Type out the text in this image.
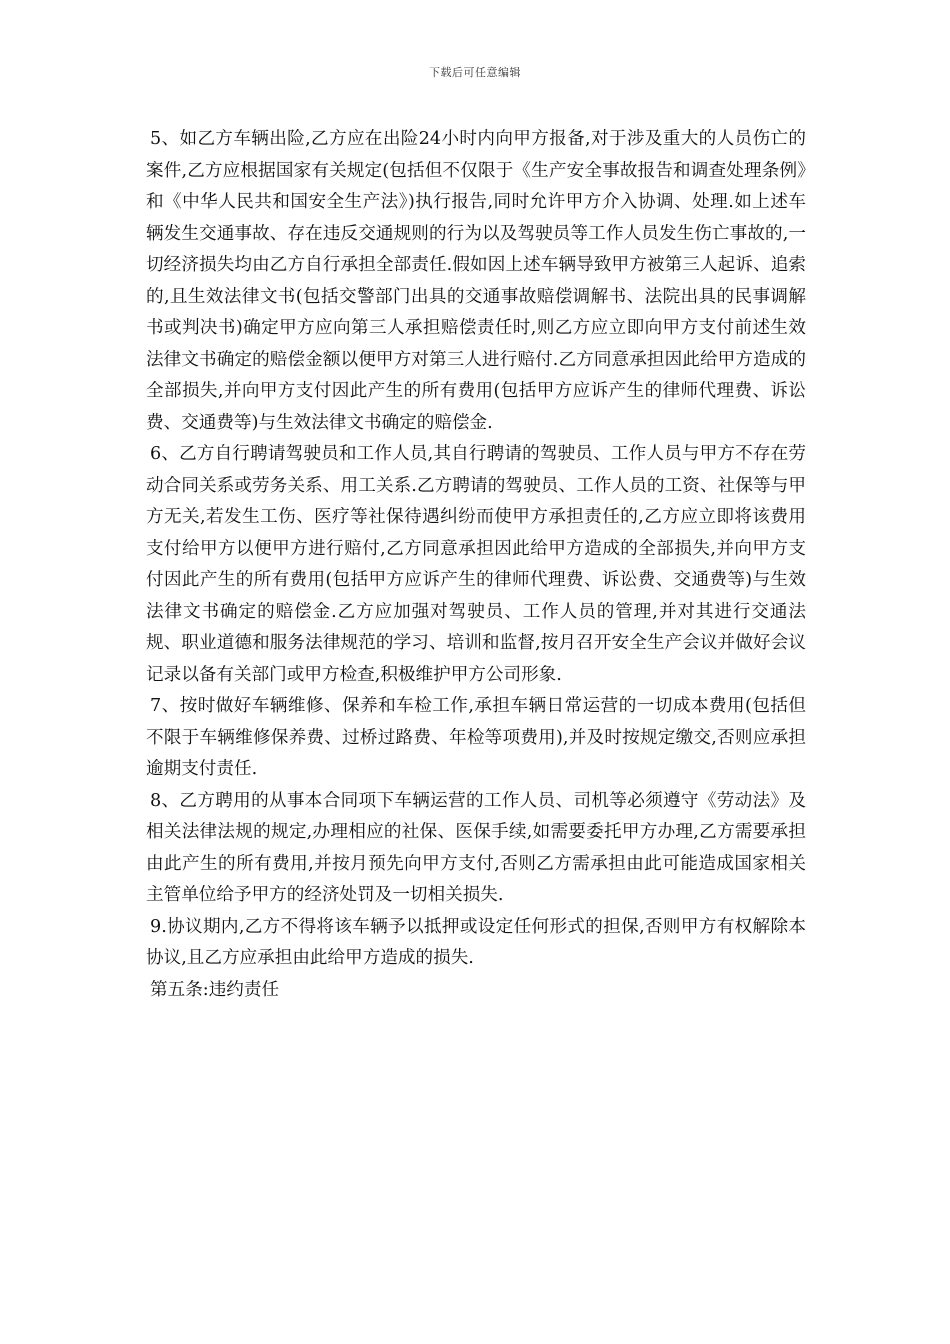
下载后可任意编辑

5、如乙方车辆出险,乙方应在出险24小时内向甲方报备,对于涉及重大的人员伤亡的案件,乙方应根据国家有关规定(包括但不仅限于《生产安全事故报告和调查处理条例》和《中华人民共和国安全生产法》)执行报告,同时允许甲方介入协调、处理.如上述车辆发生交通事故、存在违反交通规则的行为以及驾驶员等工作人员发生伤亡事故的,一切经济损失均由乙方自行承担全部责任.假如因上述车辆导致甲方被第三人起诉、追索的,且生效法律文书(包括交警部门出具的交通事故赔偿调解书、法院出具的民事调解书或判决书)确定甲方应向第三人承担赔偿责任时,则乙方应立即向甲方支付前述生效法律文书确定的赔偿金额以便甲方对第三人进行赔付.乙方同意承担因此给甲方造成的全部损失,并向甲方支付因此产生的所有费用(包括甲方应诉产生的律师代理费、诉讼费、交通费等)与生效法律文书确定的赔偿金.

6、乙方自行聘请驾驶员和工作人员,其自行聘请的驾驶员、工作人员与甲方不存在劳动合同关系或劳务关系、用工关系.乙方聘请的驾驶员、工作人员的工资、社保等与甲方无关,若发生工伤、医疗等社保待遇纠纷而使甲方承担责任的,乙方应立即将该费用支付给甲方以便甲方进行赔付,乙方同意承担因此给甲方造成的全部损失,并向甲方支付因此产生的所有费用(包括甲方应诉产生的律师代理费、诉讼费、交通费等)与生效法律文书确定的赔偿金.乙方应加强对驾驶员、工作人员的管理,并对其进行交通法规、职业道德和服务法律规范的学习、培训和监督,按月召开安全生产会议并做好会议记录以备有关部门或甲方检查,积极维护甲方公司形象.

7、按时做好车辆维修、保养和车检工作,承担车辆日常运营的一切成本费用(包括但不限于车辆维修保养费、过桥过路费、年检等项费用),并及时按规定缴交,否则应承担逾期支付责任.

8、乙方聘用的从事本合同项下车辆运营的工作人员、司机等必须遵守《劳动法》及相关法律法规的规定,办理相应的社保、医保手续,如需要委托甲方办理,乙方需要承担由此产生的所有费用,并按月预先向甲方支付,否则乙方需承担由此可能造成国家相关主管单位给予甲方的经济处罚及一切相关损失.

9.协议期内,乙方不得将该车辆予以抵押或设定任何形式的担保,否则甲方有权解除本协议,且乙方应承担由此给甲方造成的损失.

第五条:违约责任
